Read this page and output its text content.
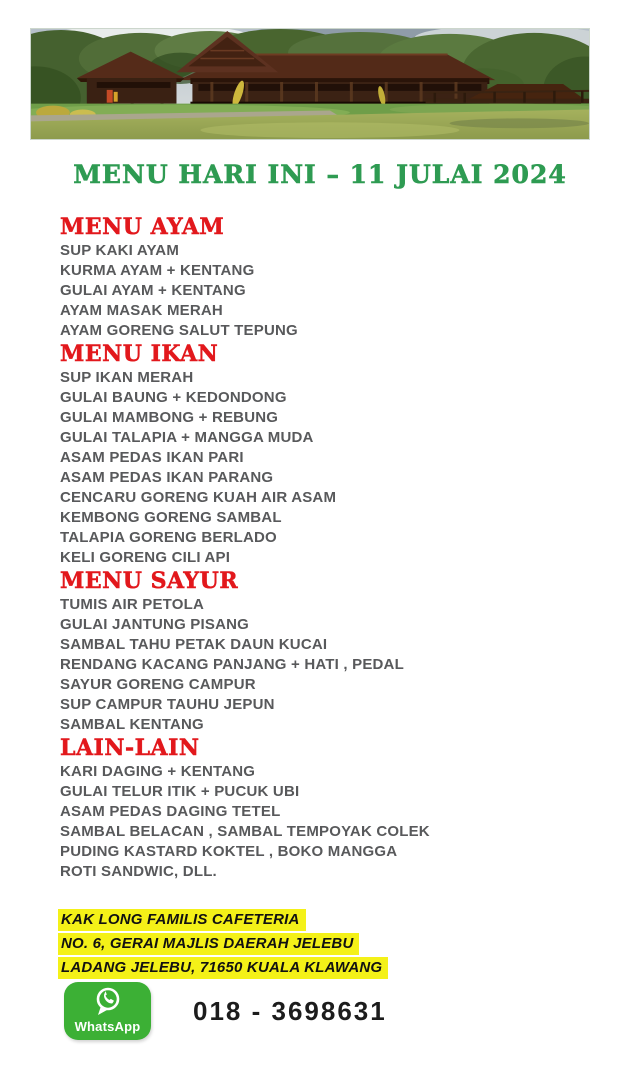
MENU HARI INI – 11 JULAI 2024
MENU AYAM
SUP KAKI AYAM
KURMA AYAM + KENTANG
GULAI AYAM + KENTANG
AYAM MASAK MERAH
AYAM GORENG SALUT TEPUNG
MENU IKAN
SUP IKAN MERAH
GULAI BAUNG + KEDONDONG
GULAI MAMBONG + REBUNG
GULAI TALAPIA + MANGGA MUDA
ASAM PEDAS IKAN PARI
ASAM PEDAS IKAN PARANG
CENCARU GORENG KUAH AIR ASAM
KEMBONG GORENG SAMBAL
TALAPIA GORENG BERLADO
KELI GORENG CILI API
MENU SAYUR
TUMIS AIR PETOLA
GULAI JANTUNG PISANG
SAMBAL TAHU PETAK DAUN KUCAI
RENDANG KACANG PANJANG + HATI , PEDAL
SAYUR GORENG CAMPUR
SUP CAMPUR TAUHU JEPUN
SAMBAL KENTANG
LAIN-LAIN
KARI DAGING + KENTANG
GULAI TELUR ITIK + PUCUK UBI
ASAM PEDAS DAGING TETEL
SAMBAL BELACAN , SAMBAL TEMPOYAK COLEK
PUDING KASTARD KOKTEL , BOKO MANGGA
ROTI SANDWIC, DLL.
KAK LONG FAMILIS CAFETERIA
NO. 6, GERAI MAJLIS DAERAH JELEBU
LADANG JELEBU, 71650 KUALA KLAWANG
WhatsApp
018 - 3698631
